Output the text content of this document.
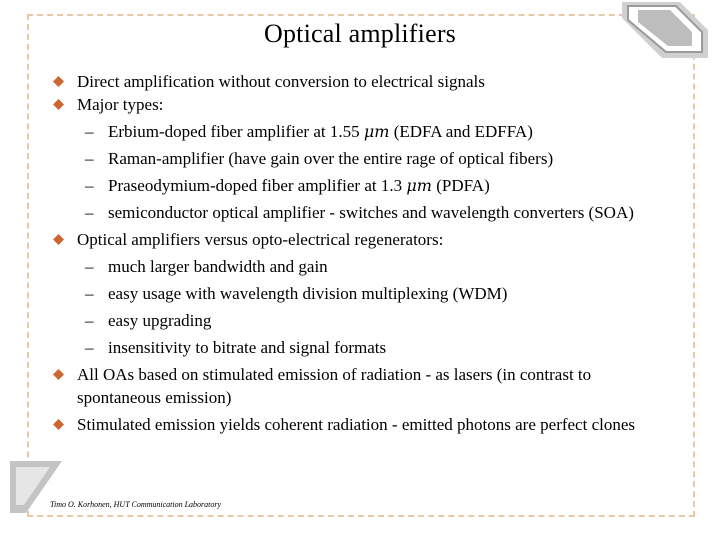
Optical amplifiers
Direct amplification without conversion to electrical signals
Major types:
– Erbium-doped fiber amplifier at 1.55 μm (EDFA and EDFFA)
– Raman-amplifier (have gain over the entire rage of optical fibers)
– Praseodymium-doped fiber amplifier at 1.3 μm (PDFA)
– semiconductor optical amplifier - switches and wavelength converters (SOA)
Optical amplifiers versus opto-electrical regenerators:
– much larger bandwidth and gain
– easy usage with wavelength division multiplexing (WDM)
– easy upgrading
– insensitivity to bitrate and signal formats
All OAs based on stimulated emission of radiation - as lasers (in contrast to spontaneous emission)
Stimulated emission yields coherent radiation - emitted photons are perfect clones
Timo O. Korhonen, HUT Communication Laboratory
